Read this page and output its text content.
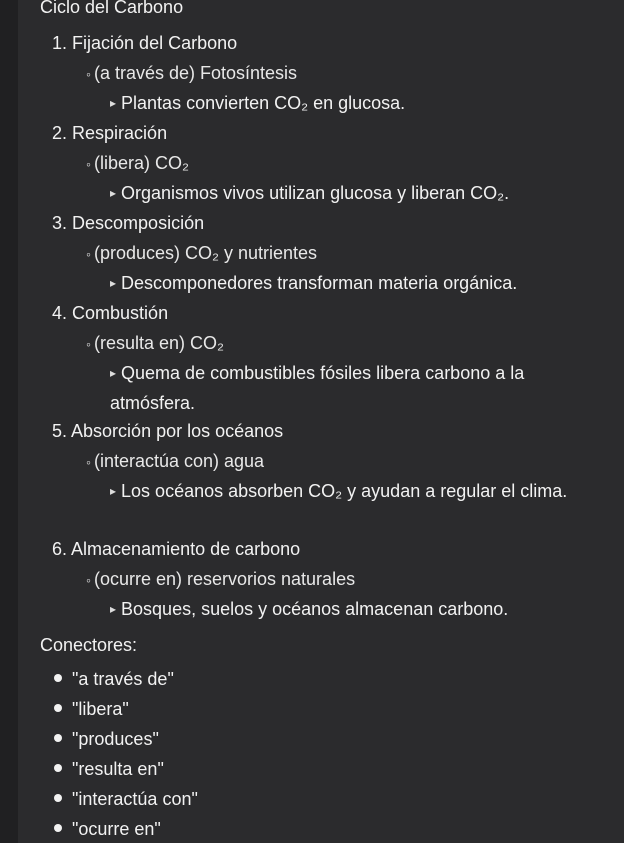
Ciclo del Carbono
1. Fijación del Carbono
◦ (a través de) Fotosíntesis
▸ Plantas convierten CO₂ en glucosa.
2. Respiración
◦ (libera) CO₂
▸ Organismos vivos utilizan glucosa y liberan CO₂.
3. Descomposición
◦ (produces) CO₂ y nutrientes
▸ Descomponedores transforman materia orgánica.
4. Combustión
◦ (resulta en) CO₂
▸ Quema de combustibles fósiles libera carbono a la atmósfera.
5. Absorción por los océanos
◦ (interactúa con) agua
▸ Los océanos absorben CO₂ y ayudan a regular el clima.
6. Almacenamiento de carbono
◦ (ocurre en) reservorios naturales
▸ Bosques, suelos y océanos almacenan carbono.
Conectores:
"a través de"
"libera"
"produces"
"resulta en"
"interactúa con"
"ocurre en"
